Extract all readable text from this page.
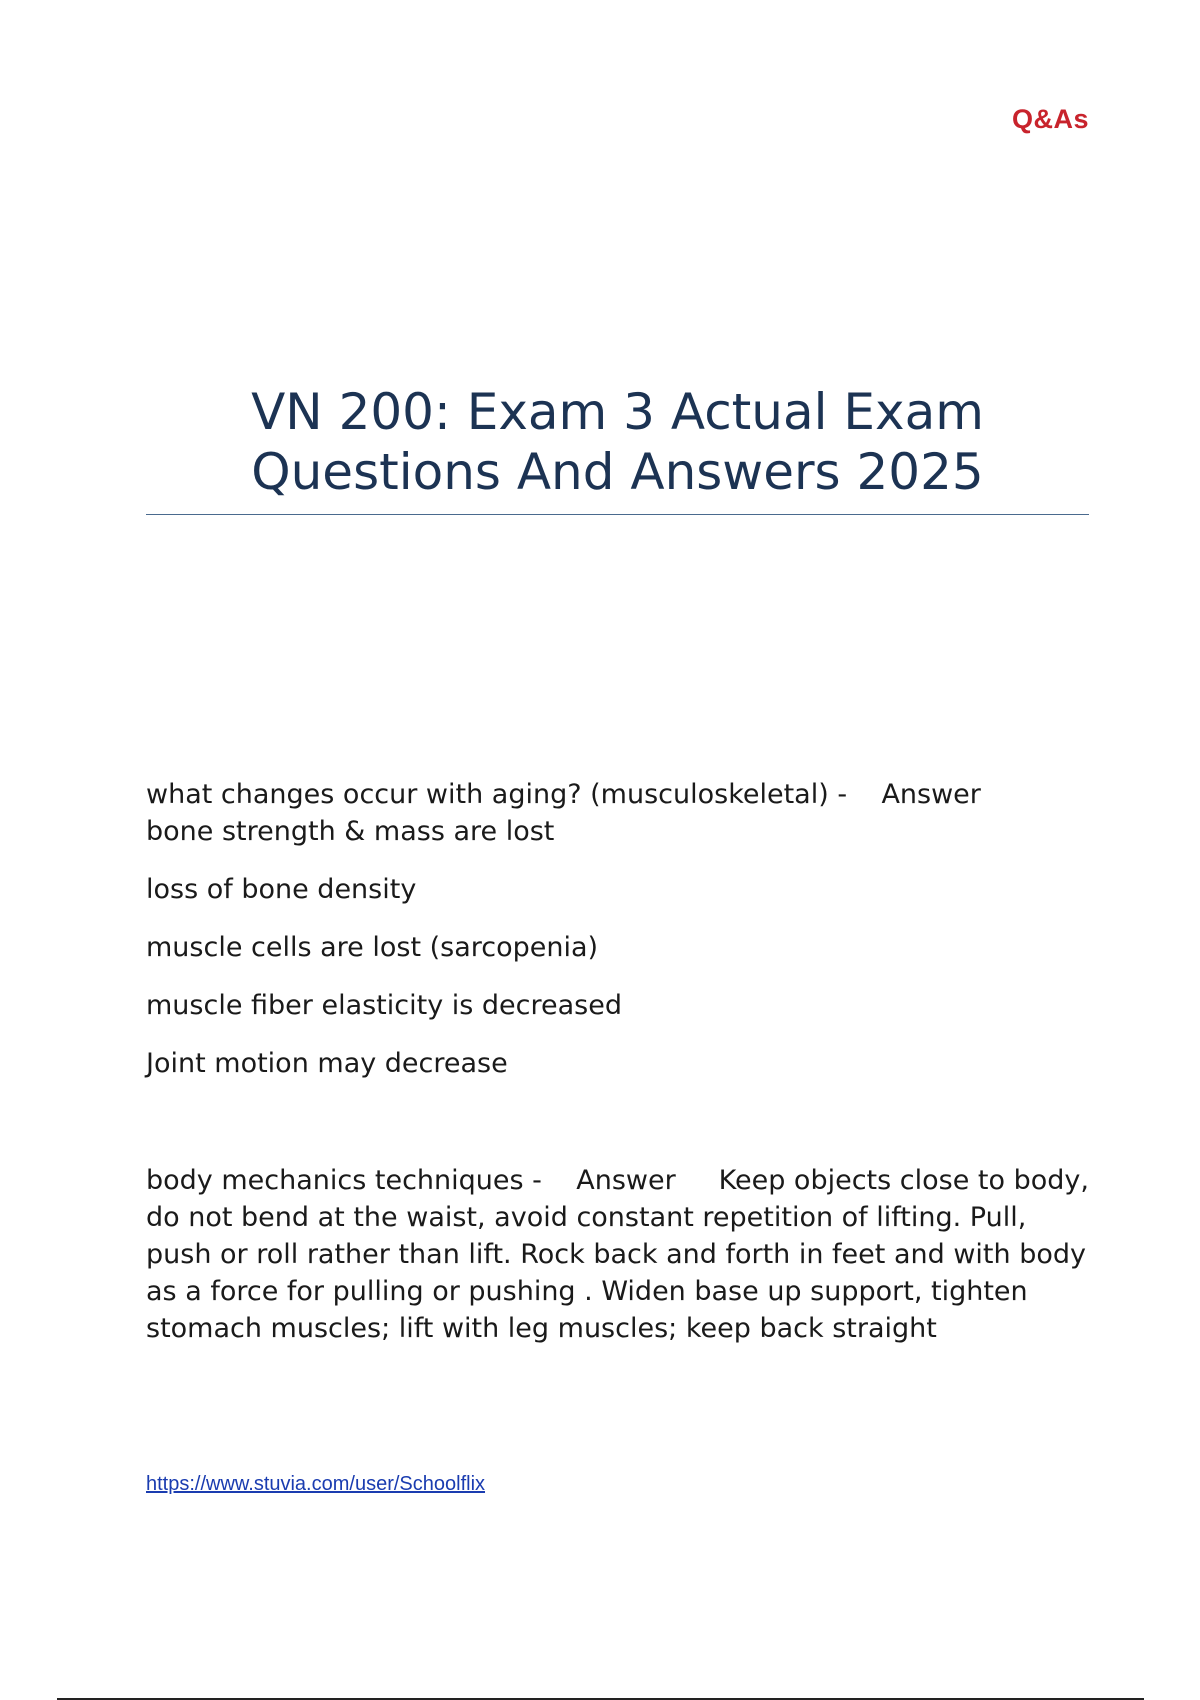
Q&As
VN 200: Exam 3 Actual Exam Questions And Answers 2025

what changes occur with aging? (musculoskeletal) - Answer
bone strength & mass are lost

loss of bone density

muscle cells are lost (sarcopenia)

muscle fiber elasticity is decreased

Joint motion may decrease

body mechanics techniques - Answer Keep objects close to body, do not bend at the waist, avoid constant repetition of lifting. Pull, push or roll rather than lift. Rock back and forth in feet and with body as a force for pulling or pushing . Widen base up support, tighten stomach muscles; lift with leg muscles; keep back straight

https://www.stuvia.com/user/Schoolflix
